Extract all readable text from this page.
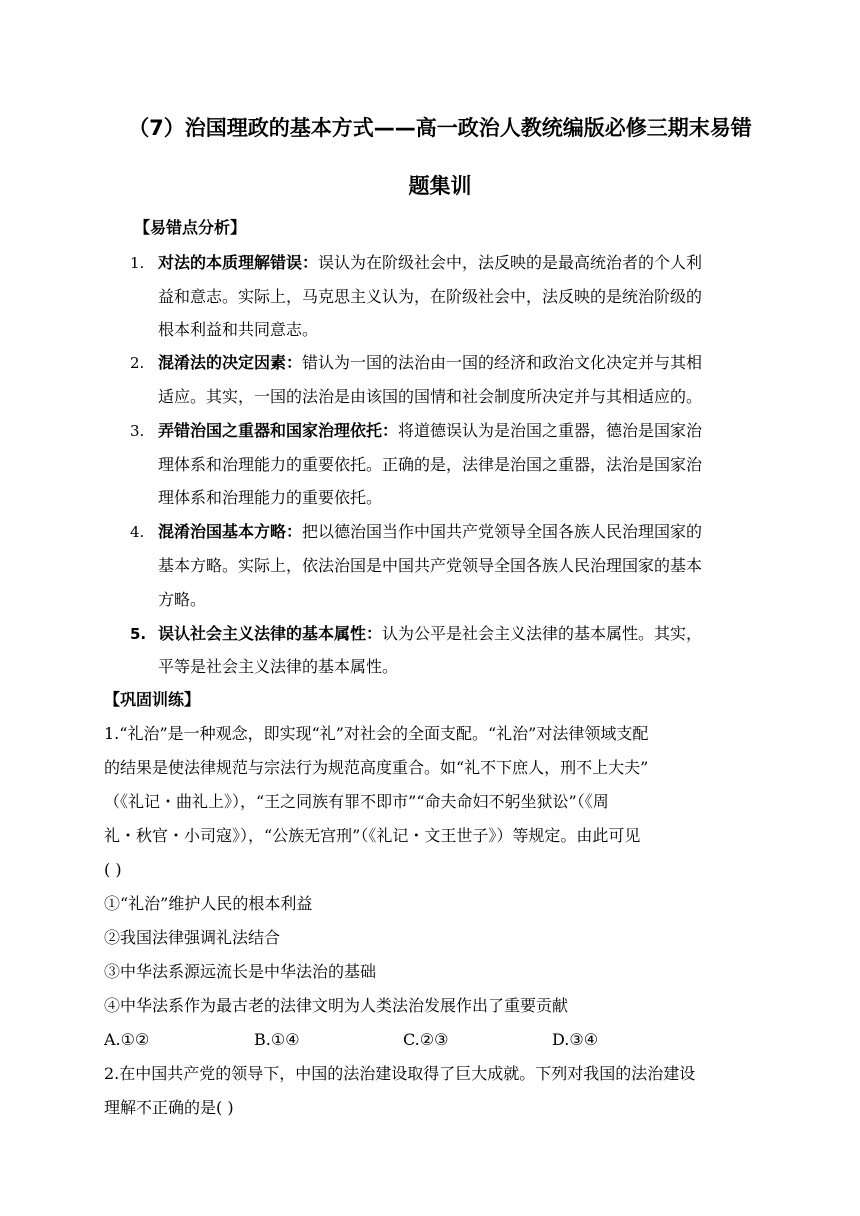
（7）治国理政的基本方式——高一政治人教统编版必修三期末易错
题集训
【易错点分析】
1. 对法的本质理解错误：误认为在阶级社会中，法反映的是最高统治者的个人利
益和意志。实际上，马克思主义认为，在阶级社会中，法反映的是统治阶级的
根本利益和共同意志。
2. 混淆法的决定因素：错认为一国的法治由一国的经济和政治文化决定并与其相
适应。其实，一国的法治是由该国的国情和社会制度所决定并与其相适应的。
3. 弄错治国之重器和国家治理依托：将道德误认为是治国之重器，德治是国家治
理体系和治理能力的重要依托。正确的是，法律是治国之重器，法治是国家治
理体系和治理能力的重要依托。
4. 混淆治国基本方略：把以德治国当作中国共产党领导全国各族人民治理国家的
基本方略。实际上，依法治国是中国共产党领导全国各族人民治理国家的基本
方略。
5. 误认社会主义法律的基本属性：认为公平是社会主义法律的基本属性。其实，
平等是社会主义法律的基本属性。
【巩固训练】
1.“礼治”是一种观念，即实现“礼”对社会的全面支配。“礼治”对法律领域支配
的结果是使法律规范与宗法行为规范高度重合。如“礼不下庶人，刑不上大夫”
（《礼记・曲礼上》），“王之同族有罪不即市”“命夫命妇不躬坐狱讼”（《周
礼・秋官・小司寇》），“公族无宫刑”（《礼记・文王世子》）等规定。由此可见
( )
①“礼治”维护人民的根本利益
②我国法律强调礼法结合
③中华法系源远流长是中华法治的基础
④中华法系作为最古老的法律文明为人类法治发展作出了重要贡献
A.①②	B.①④	C.②③	D.③④
2.在中国共产党的领导下，中国的法治建设取得了巨大成就。下列对我国的法治建设
理解不正确的是( )
